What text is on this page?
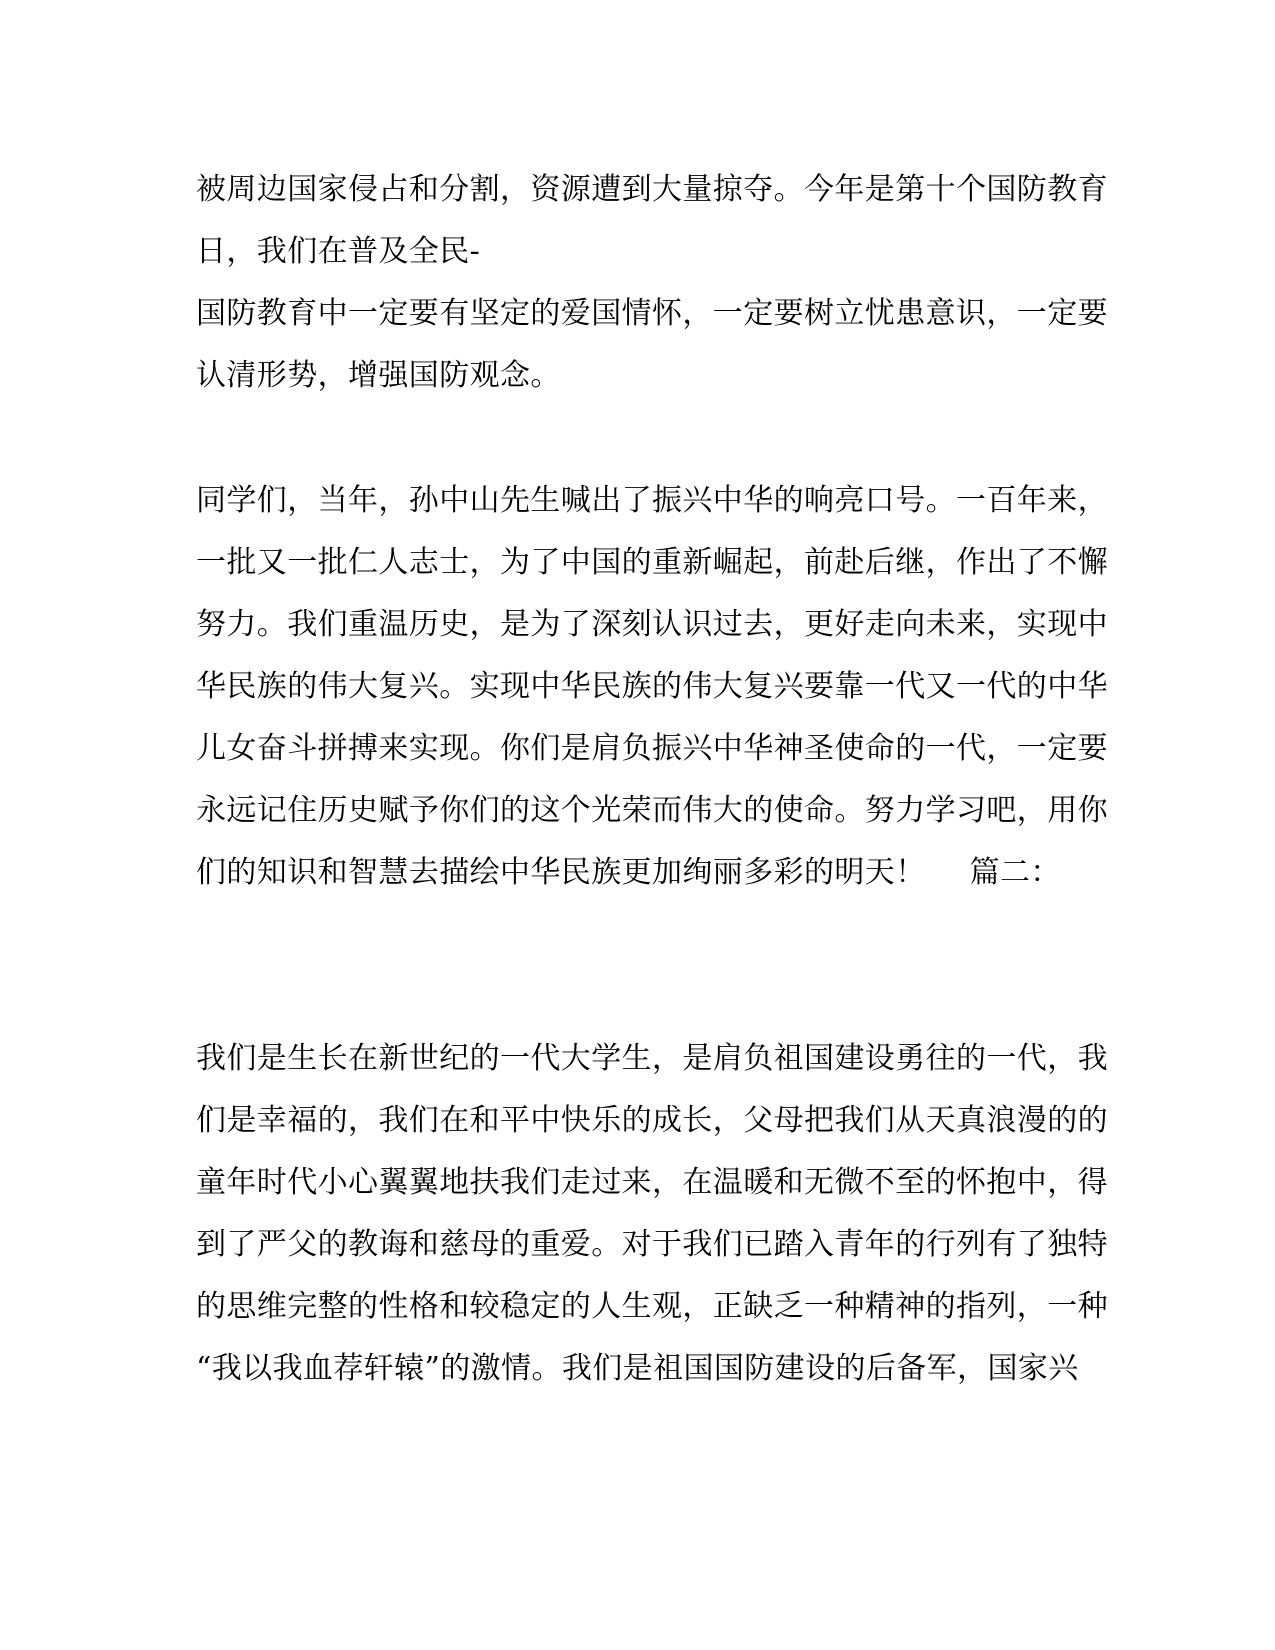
被周边国家侵占和分割，资源遭到大量掠夺。今年是第十个国防教育
日，我们在普及全民-
国防教育中一定要有坚定的爱国情怀，一定要树立忧患意识，一定要
认清形势，增强国防观念。
同学们，当年，孙中山先生喊出了振兴中华的响亮口号。一百年来，
一批又一批仁人志士，为了中国的重新崛起，前赴后继，作出了不懈
努力。我们重温历史，是为了深刻认识过去，更好走向未来，实现中
华民族的伟大复兴。实现中华民族的伟大复兴要靠一代又一代的中华
儿女奋斗拼搏来实现。你们是肩负振兴中华神圣使命的一代，一定要
永远记住历史赋予你们的这个光荣而伟大的使命。努力学习吧，用你
们的知识和智慧去描绘中华民族更加绚丽多彩的明天！ 篇二：
我们是生长在新世纪的一代大学生，是肩负祖国建设勇往的一代，我
们是幸福的，我们在和平中快乐的成长，父母把我们从天真浪漫的的
童年时代小心翼翼地扶我们走过来，在温暖和无微不至的怀抱中，得
到了严父的教诲和慈母的重爱。对于我们已踏入青年的行列有了独特
的思维完整的性格和较稳定的人生观，正缺乏一种精神的指列，一种
“我以我血荐轩辕”的激情。我们是祖国国防建设的后备军，国家兴
